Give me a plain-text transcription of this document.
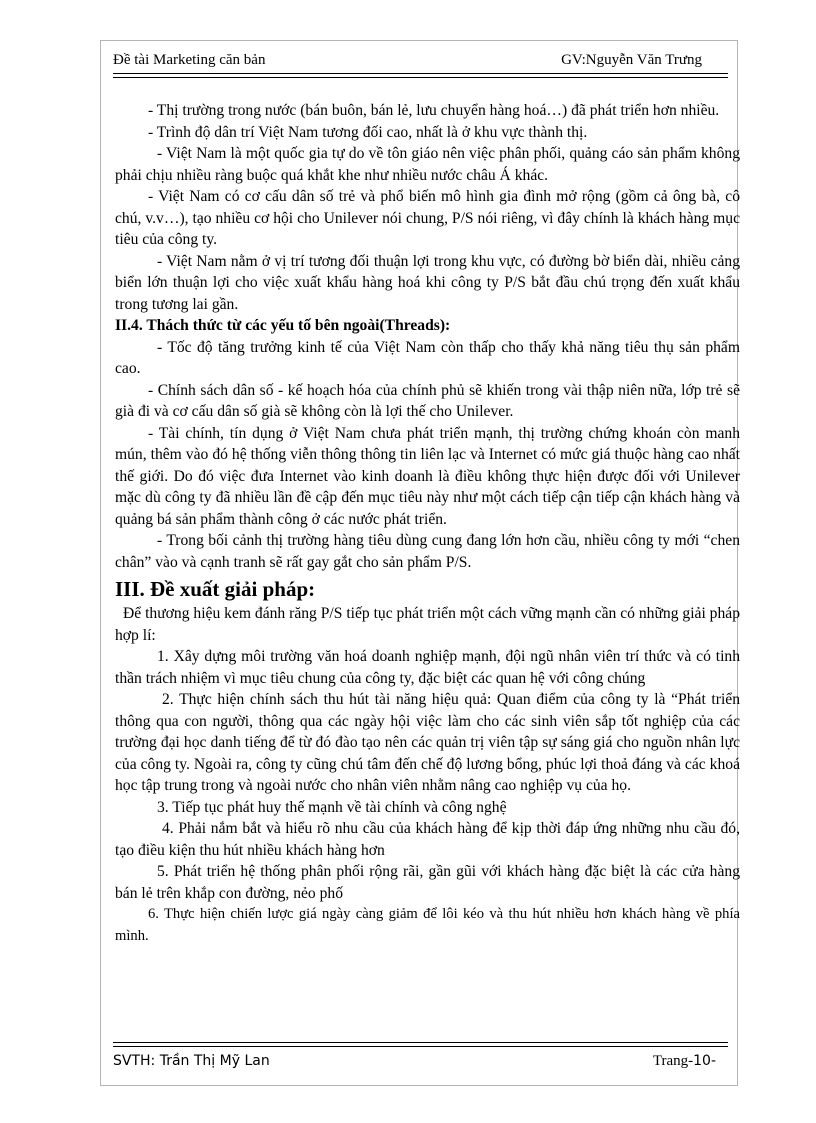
Đề tài Marketing căn bản	GV:Nguyễn Văn Trưng

- Thị trường trong nước (bán buôn, bán lẻ, lưu chuyển hàng hoá…) đã phát triển hơn nhiều.

- Trình độ dân trí Việt Nam tương đối cao, nhất là ở khu vực thành thị.

- Việt Nam là một quốc gia tự do về tôn giáo nên việc phân phối, quảng cáo sản phẩm không phải chịu nhiều ràng buộc quá khắt khe như nhiều nước châu Á khác.

- Việt Nam có cơ cấu dân số trẻ và phổ biến mô hình gia đình mở rộng (gồm cả ông bà, cô chú, v.v…), tạo nhiều cơ hội cho Unilever nói chung, P/S nói riêng, vì đây chính là khách hàng mục tiêu của công ty.

- Việt Nam nằm ở vị trí tương đối thuận lợi trong khu vực, có đường bờ biển dài, nhiều cảng biển lớn thuận lợi cho việc xuất khẩu hàng hoá khi công ty P/S bắt đầu chú trọng đến xuất khẩu trong tương lai gần.

II.4. Thách thức từ các yếu tố bên ngoài(Threads):

- Tốc độ tăng trưởng kinh tế của Việt Nam còn thấp cho thấy khả năng tiêu thụ sản phẩm cao.

- Chính sách dân số - kế hoạch hóa của chính phủ sẽ khiến trong vài thập niên nữa, lớp trẻ sẽ già đi và cơ cấu dân số già sẽ không còn là lợi thế cho Unilever.

- Tài chính, tín dụng ở Việt Nam chưa phát triển mạnh, thị trường chứng khoán còn manh mún, thêm vào đó hệ thống viễn thông thông tin liên lạc và Internet có mức giá thuộc hàng cao nhất thế giới. Do đó việc đưa Internet vào kinh doanh là điều không thực hiện được đối với Unilever mặc dù công ty đã nhiều lần đề cập đến mục tiêu này như một cách tiếp cận tiếp cận khách hàng và quảng bá sản phẩm thành công ở các nước phát triển.

- Trong bối cảnh thị trường hàng tiêu dùng cung đang lớn hơn cầu, nhiều công ty mới “chen chân” vào và cạnh tranh sẽ rất gay gắt cho sản phẩm P/S.

III. Đề xuất giải pháp:

Để thương hiệu kem đánh răng P/S tiếp tục phát triển một cách vững mạnh cần có những giải pháp hợp lí:

1. Xây dựng môi trường văn hoá doanh nghiệp mạnh, đội ngũ nhân viên trí thức và có tinh thần trách nhiệm vì mục tiêu chung của công ty, đặc biệt các quan hệ với công chúng

2. Thực hiện chính sách thu hút tài năng hiệu quả: Quan điểm của công ty là “Phát triển thông qua con người, thông qua các ngày hội việc làm cho các sinh viên sắp tốt nghiệp của các trường đại học danh tiếng để từ đó đào tạo nên các quản trị viên tập sự sáng giá cho nguồn nhân lực của công ty. Ngoài ra, công ty cũng chú tâm đến chế độ lương bổng, phúc lợi thoả đáng và các khoá học tập trung trong và ngoài nước cho nhân viên nhằm nâng cao nghiệp vụ của họ.

3. Tiếp tục phát huy thế mạnh về tài chính và công nghệ

4. Phải nắm bắt và hiểu rõ nhu cầu của khách hàng để kịp thời đáp ứng những nhu cầu đó, tạo điều kiện thu hút nhiều khách hàng hơn

5. Phát triển hệ thống phân phối rộng rãi, gần gũi với khách hàng đặc biệt là các cửa hàng bán lẻ trên khắp con đường, nẻo phố

6. Thực hiện chiến lược giá ngày càng giảm để lôi kéo và thu hút nhiều hơn khách hàng về phía mình.

SVTH: Trần Thị Mỹ Lan	Trang-10-
